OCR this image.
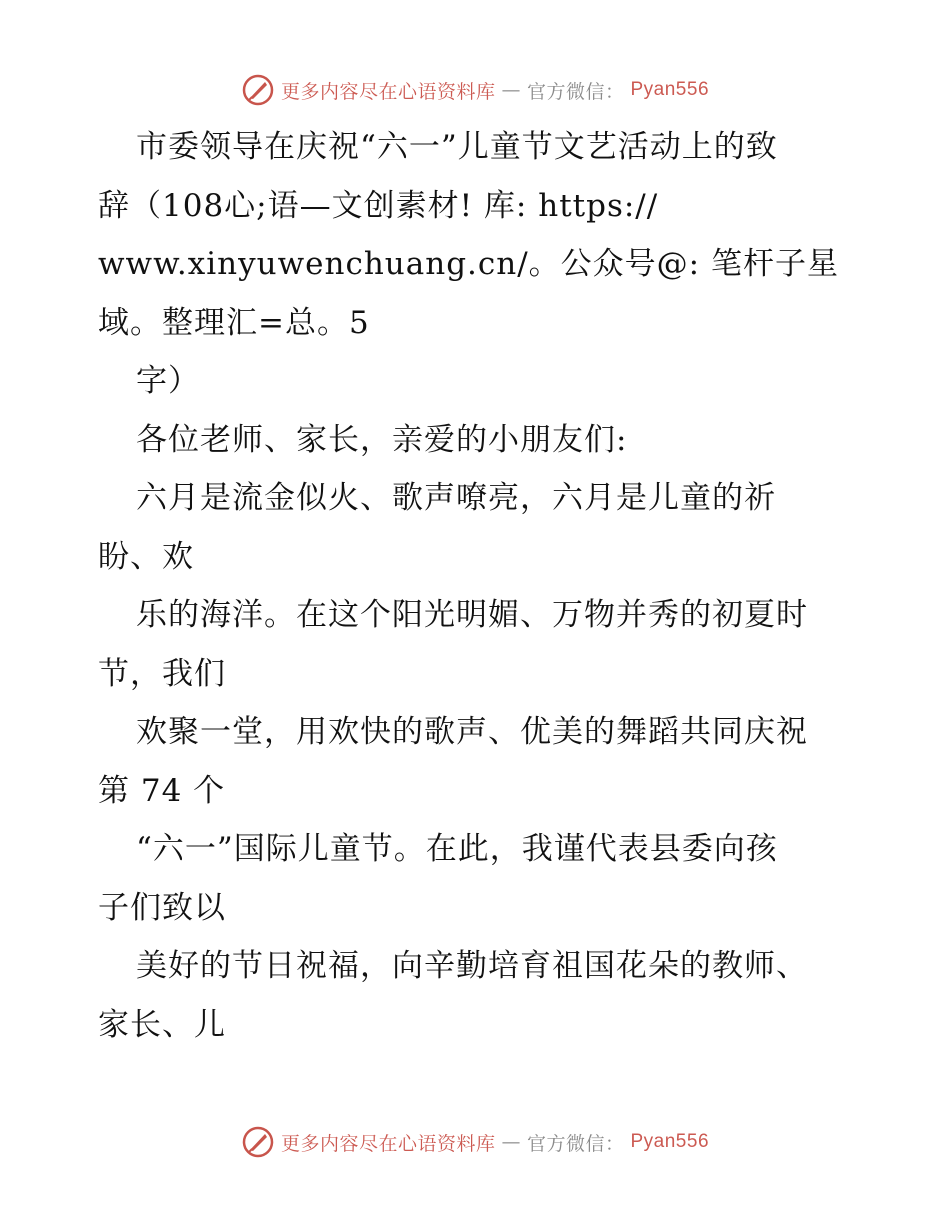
更多内容尽在心语资料库 — 官方微信： Pyan556
市委领导在庆祝“六一”儿童节文艺活动上的致
辞（108心;语—文创素材! 库: https://
www.xinyuwenchuang.cn/。公众号@: 笔杆子星
域。整理汇=总。5
字）
各位老师、家长，亲爱的小朋友们:
六月是流金似火、歌声嘹亮，六月是儿童的祈
盼、欢
乐的海洋。在这个阳光明媚、万物并秀的初夏时
节，我们
欢聚一堂，用欢快的歌声、优美的舞蹈共同庆祝
第 74 个
“六一”国际儿童节。在此，我谨代表县委向孩
子们致以
美好的节日祝福，向辛勤培育祖国花朵的教师、
家长、儿
更多内容尽在心语资料库 — 官方微信： Pyan556
